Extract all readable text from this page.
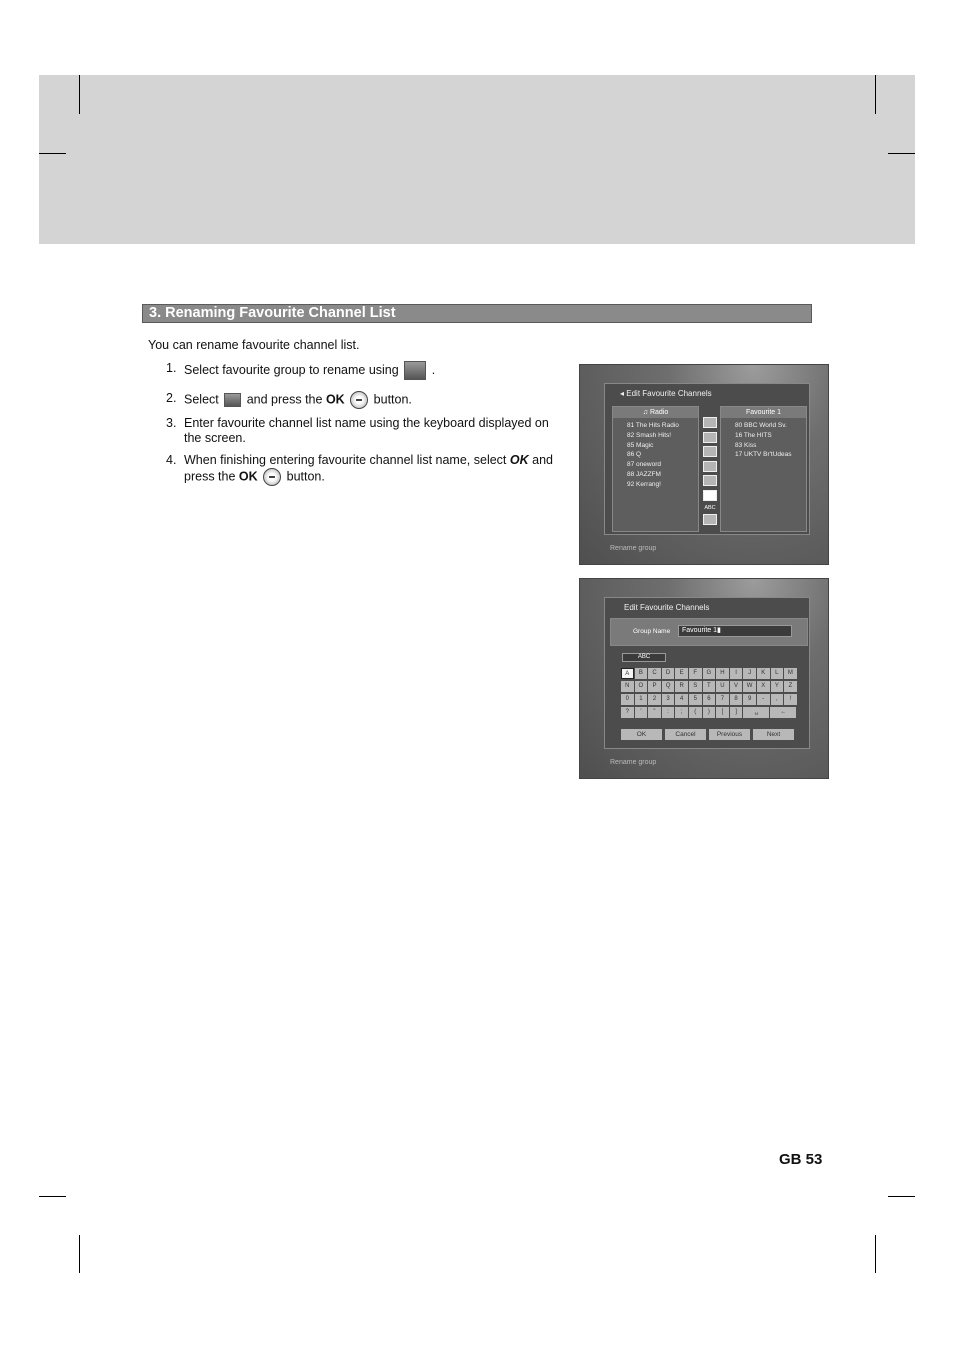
3. Renaming Favourite Channel List
You can rename favourite channel list.
1. Select favourite group to rename using	.
2. Select and press the OK button.
3. Enter favourite channel list name using the keyboard displayed on the screen.
4. When finishing entering favourite channel list name, select OK and press the OK button.
◂ Edit Favourite Channels
♫ Radio
81 The Hits Radio
82 Smash Hits!
85 Magic
86 Q
87 oneword
88 JAZZFM
92 Kerrang!
ABC
Favourite 1
80 BBC World Sv.
16 The HITS
83 Kiss
17 UKTV Br'tUdeas
Rename group
Edit Favourite Channels
Group Name	Favourite 1▮
ABC
A	B	C	D	E	F	G	H	I	J	K	L	M
N	O	P	Q	R	S	T	U	V	W	X	Y	Z
0	1	2	3	4	5	6	7	8	9	-	,	!
?	'	"	:	;	(	)	[	]	␣	←
OK	Cancel	Previous	Next
Rename group
GB 53
